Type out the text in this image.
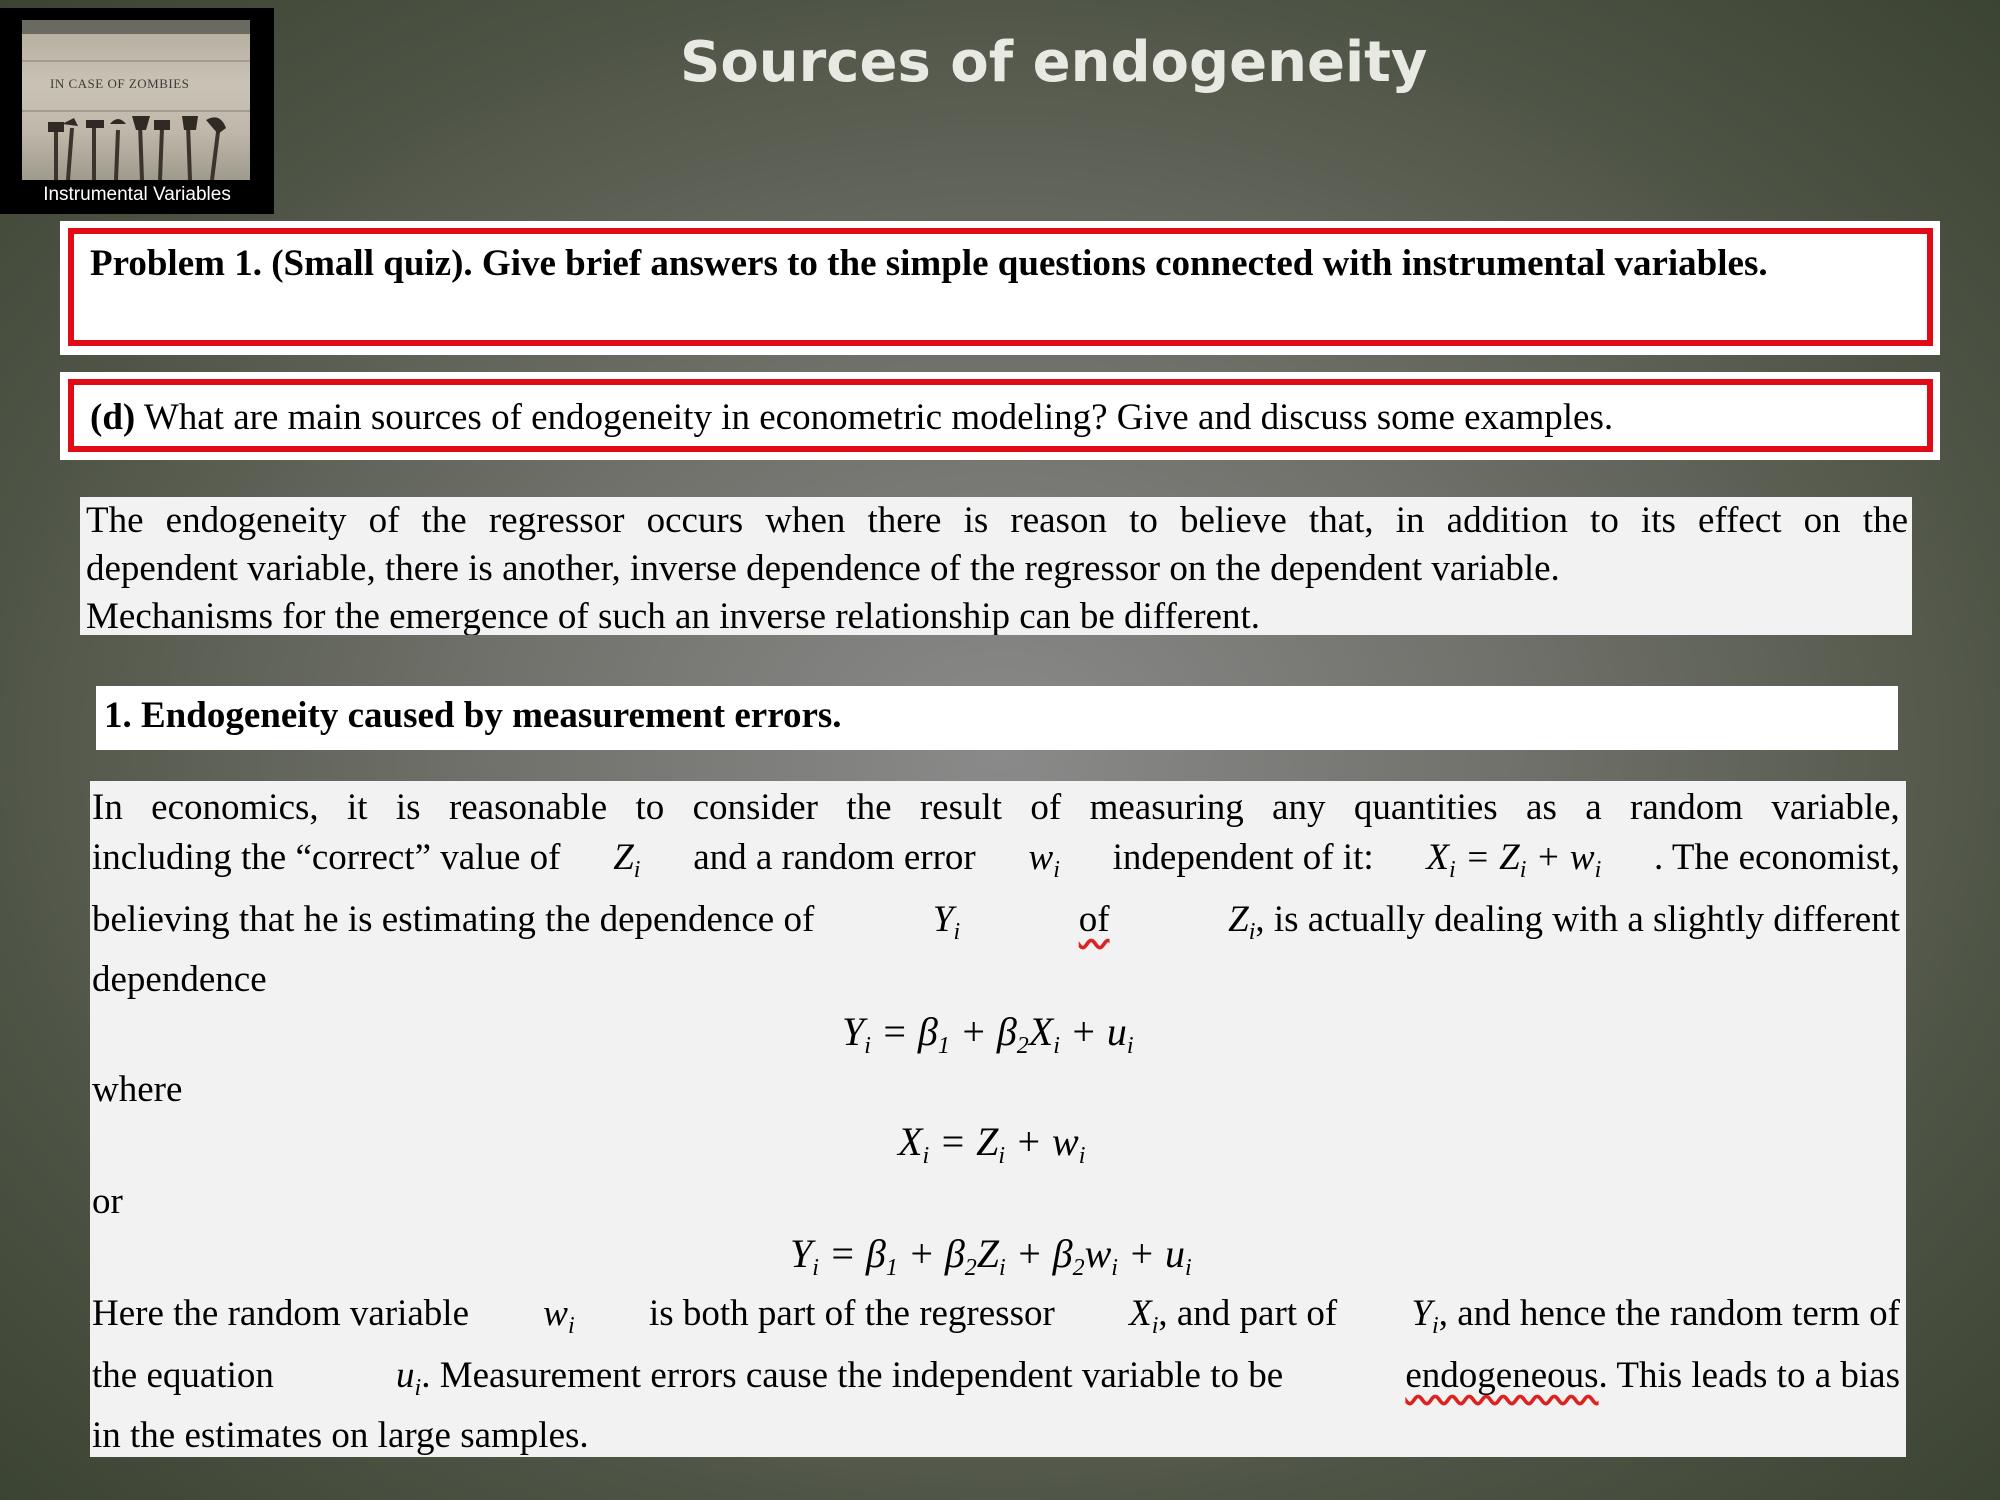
IN CASE OF ZOMBIES
Instrumental Variables
Sources of endogeneity
Problem 1. (Small quiz). Give brief answers to the simple questions connected with instrumental variables.
(d) What are main sources of endogeneity in econometric modeling? Give and discuss some examples.
The endogeneity of the regressor occurs when there is reason to believe that, in addition to its effect on the
dependent variable, there is another, inverse dependence of the regressor on the dependent variable.
Mechanisms for the emergence of such an inverse relationship can be different.
1. Endogeneity caused by measurement errors.
In economics, it is reasonable to consider the result of measuring any quantities as a random variable,
including the “correct” value of $Z_i$ and a random error $w_i$ independent of it: $X_i = Z_i + w_i$ . The economist,
believing that he is estimating the dependence of	$Y_i$	of	$Z_i$, is actually dealing with a slightly different
dependence
$Y_i = \beta_1 + \beta_2X_i + u_i$
where
$X_i = Z_i + w_i$
or
$Y_i = \beta_1 + \beta_2Z_i + \beta_2w_i + u_i$
Here the random variable $w_i$ is both part of the regressor $X_i$, and part of $Y_i$, and hence the random term of
the equation	$u_i$. Measurement errors cause the independent variable to be	endogeneous. This leads to a bias
in the estimates on large samples.
